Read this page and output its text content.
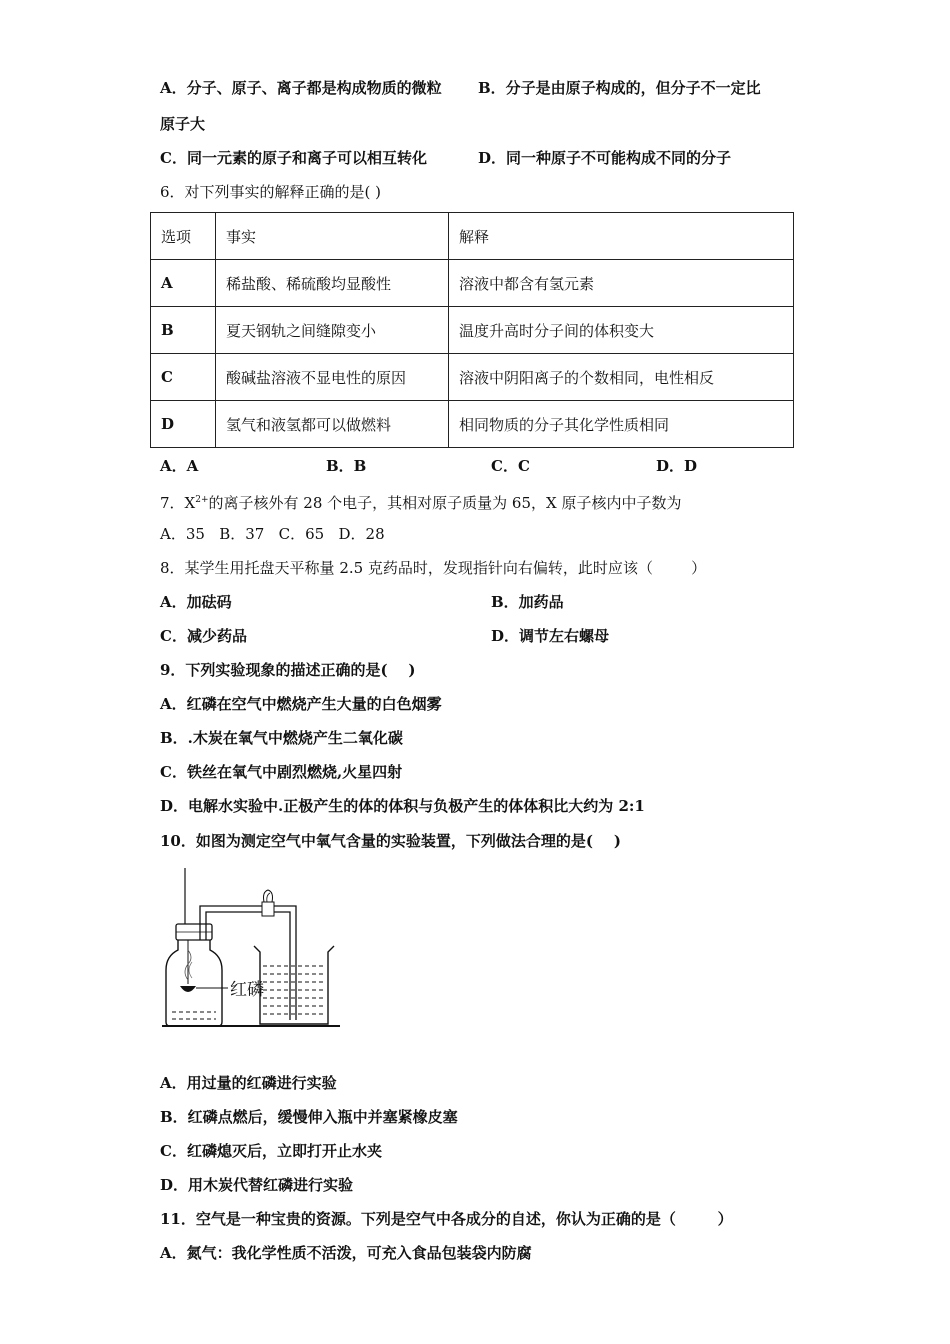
A．分子、原子、离子都是构成物质的微粒 B．分子是由原子构成的，但分子不一定比
原子大
C．同一元素的原子和离子可以相互转化	D．同一种原子不可能构成不同的分子
6．对下列事实的解释正确的是( )
选项	事实	解释
A	稀盐酸、稀硫酸均显酸性	溶液中都含有氢元素
B	夏天钢轨之间缝隙变小	温度升高时分子间的体积变大
C	酸碱盐溶液不显电性的原因	溶液中阴阳离子的个数相同，电性相反
D	氢气和液氢都可以做燃料	相同物质的分子其化学性质相同
A．A	B．B	C．C	D．D
7．$X^{2+}$的离子核外有 28 个电子，其相对原子质量为 65，X 原子核内中子数为
A．35   B．37   C．65   D．28
8．某学生用托盘天平称量 2.5 克药品时，发现指针向右偏转，此时应该（        ）
A．加砝码	B．加药品
C．减少药品	D．调节左右螺母
9．下列实验现象的描述正确的是(    )
A．红磷在空气中燃烧产生大量的白色烟雾
B．.木炭在氧气中燃烧产生二氧化碳
C．铁丝在氧气中剧烈燃烧,火星四射
D．电解水实验中.正极产生的体的体积与负极产生的体体积比大约为 2:1
10．如图为测定空气中氧气含量的实验装置，下列做法合理的是(    )
红磷
A．用过量的红磷进行实验
B．红磷点燃后，缓慢伸入瓶中并塞紧橡皮塞
C．红磷熄灭后，立即打开止水夹
D．用木炭代替红磷进行实验
11．空气是一种宝贵的资源。下列是空气中各成分的自述，你认为正确的是（        ）
A．氮气：我化学性质不活泼，可充入食品包装袋内防腐
